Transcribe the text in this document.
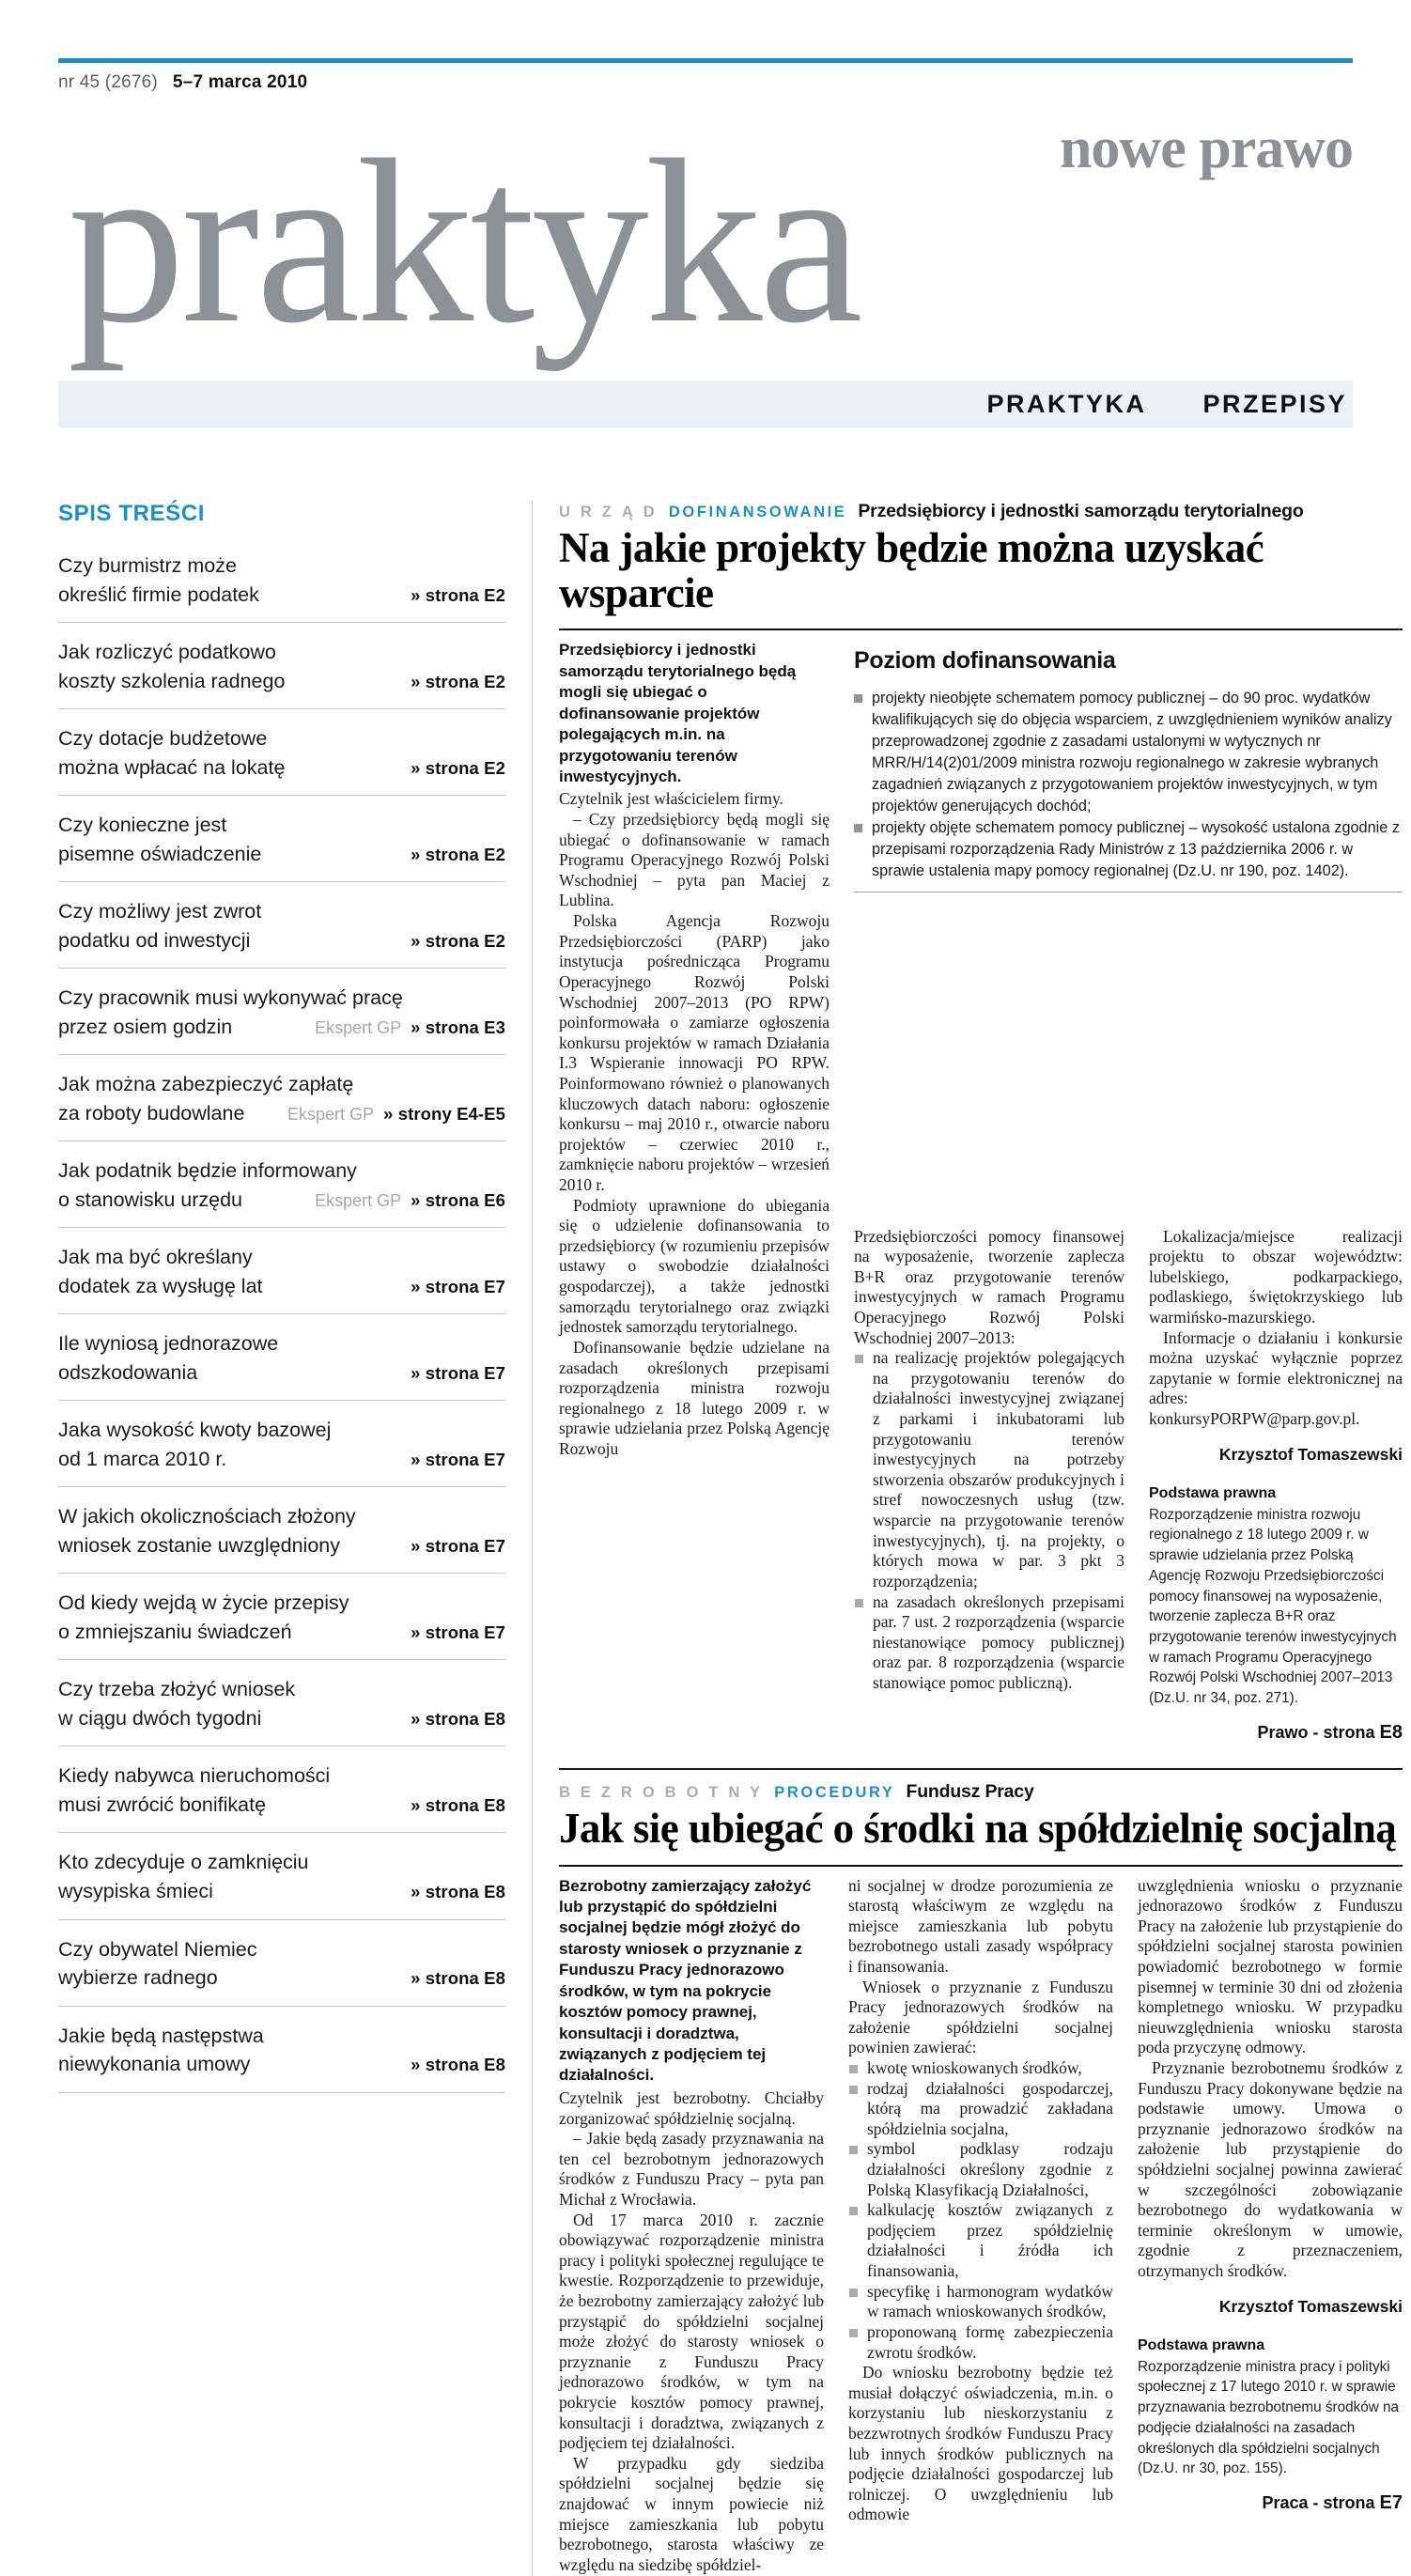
nr 45 (2676) 5–7 marca 2010
nowe prawo
praktyka
PRAKTYKA PRZEPISY
SPIS TREŚCI
Czy burmistrz może
określić firmie podatek	» strona E2
Jak rozliczyć podatkowo
koszty szkolenia radnego	» strona E2
Czy dotacje budżetowe
można wpłacać na lokatę	» strona E2
Czy konieczne jest
pisemne oświadczenie	» strona E2
Czy możliwy jest zwrot
podatku od inwestycji	» strona E2
Czy pracownik musi wykonywać pracę
przez osiem godzin	Ekspert GP » strona E3
Jak można zabezpieczyć zapłatę
za roboty budowlane	Ekspert GP » strony E4-E5
Jak podatnik będzie informowany
o stanowisku urzędu	Ekspert GP » strona E6
Jak ma być określany
dodatek za wysługę lat	» strona E7
Ile wyniosą jednorazowe
odszkodowania	» strona E7
Jaka wysokość kwoty bazowej
od 1 marca 2010 r.	» strona E7
W jakich okolicznościach złożony
wniosek zostanie uwzględniony	» strona E7
Od kiedy wejdą w życie przepisy
o zmniejszaniu świadczeń	» strona E7
Czy trzeba złożyć wniosek
w ciągu dwóch tygodni	» strona E8
Kiedy nabywca nieruchomości
musi zwrócić bonifikatę	» strona E8
Kto zdecyduje o zamknięciu
wysypiska śmieci	» strona E8
Czy obywatel Niemiec
wybierze radnego	» strona E8
Jakie będą następstwa
niewykonania umowy	» strona E8
U R Z Ą D DOFINANSOWANIE Przedsiębiorcy i jednostki samorządu terytorialnego
Na jakie projekty będzie można uzyskać wsparcie

Przedsiębiorcy i jednostki samorządu terytorialnego będą mogli się ubiegać o dofinansowanie projektów polegających m.in. na przygotowaniu terenów inwestycyjnych.

Czytelnik jest właścicielem firmy.

– Czy przedsiębiorcy będą mogli się ubiegać o dofinansowanie w ramach Programu Operacyjnego Rozwój Polski Wschodniej – pyta pan Maciej z Lublina.

Polska Agencja Rozwoju Przedsiębiorczości (PARP) jako instytucja pośrednicząca Programu Operacyjnego Rozwój Polski Wschodniej 2007–2013 (PO RPW) poinformowała o zamiarze ogłoszenia konkursu projektów w ramach Działania I.3 Wspieranie innowacji PO RPW. Poinformowano również o planowanych kluczowych datach naboru: ogłoszenie konkursu – maj 2010 r., otwarcie naboru projektów – czerwiec 2010 r., zamknięcie naboru projektów – wrzesień 2010 r.

Podmioty uprawnione do ubiegania się o udzielenie dofinansowania to przedsiębiorcy (w rozumieniu przepisów ustawy o swobodzie działalności gospodarczej), a także jednostki samorządu terytorialnego oraz związki jednostek samorządu terytorialnego.

Dofinansowanie będzie udzielane na zasadach określonych przepisami rozporządzenia ministra rozwoju regionalnego z 18 lutego 2009 r. w sprawie udzielania przez Polską Agencję Rozwoju

Poziom dofinansowania
projekty nieobjęte schematem pomocy publicznej – do 90 proc. wydatków kwalifikujących się do objęcia wsparciem, z uwzględnieniem wyników analizy przeprowadzonej zgodnie z zasadami ustalonymi w wytycznych nr MRR/H/14(2)01/2009 ministra rozwoju regionalnego w zakresie wybranych zagadnień związanych z przygotowaniem projektów inwestycyjnych, w tym projektów generujących dochód;
projekty objęte schematem pomocy publicznej – wysokość ustalona zgodnie z przepisami rozporządzenia Rady Ministrów z 13 października 2006 r. w sprawie ustalenia mapy pomocy regionalnej (Dz.U. nr 190, poz. 1402).

Przedsiębiorczości pomocy finansowej na wyposażenie, tworzenie zaplecza B+R oraz przygotowanie terenów inwestycyjnych w ramach Programu Operacyjnego Rozwój Polski Wschodniej 2007–2013:

na realizację projektów polegających na przygotowaniu terenów do działalności inwestycyjnej związanej z parkami i inkubatorami lub przygotowaniu terenów inwestycyjnych na potrzeby stworzenia obszarów produkcyjnych i stref nowoczesnych usług (tzw. wsparcie na przygotowanie terenów inwestycyjnych), tj. na projekty, o których mowa w par. 3 pkt 3 rozporządzenia;
na zasadach określonych przepisami par. 7 ust. 2 rozporządzenia (wsparcie niestanowiące pomocy publicznej) oraz par. 8 rozporządzenia (wsparcie stanowiące pomoc publiczną).

Lokalizacja/miejsce realizacji projektu to obszar województw: lubelskiego, podkarpackiego, podlaskiego, świętokrzyskiego lub warmińsko-mazurskiego.

Informacje o działaniu i konkursie można uzyskać wyłącznie poprzez zapytanie w formie elektronicznej na adres: konkursyPORPW@parp.gov.pl.

Krzysztof Tomaszewski
Podstawa prawna
Rozporządzenie ministra rozwoju regionalnego z 18 lutego 2009 r. w sprawie udzielania przez Polską Agencję Rozwoju Przedsiębiorczości pomocy finansowej na wyposażenie, tworzenie zaplecza B+R oraz przygotowanie terenów inwestycyjnych w ramach Programu Operacyjnego Rozwój Polski Wschodniej 2007–2013 (Dz.U. nr 34, poz. 271).
Prawo - strona E8
B E Z R O B O T N Y PROCEDURY Fundusz Pracy
Jak się ubiegać o środki na spółdzielnię socjalną

Bezrobotny zamierzający założyć lub przystąpić do spółdzielni socjalnej będzie mógł złożyć do starosty wniosek o przyznanie z Funduszu Pracy jednorazowo środków, w tym na pokrycie kosztów pomocy prawnej, konsultacji i doradztwa, związanych z podjęciem tej działalności.

Czytelnik jest bezrobotny. Chciałby zorganizować spółdzielnię socjalną.

– Jakie będą zasady przyznawania na ten cel bezrobotnym jednorazowych środków z Funduszu Pracy – pyta pan Michał z Wrocławia.

Od 17 marca 2010 r. zacznie obowiązywać rozporządzenie ministra pracy i polityki społecznej regulujące te kwestie. Rozporządzenie to przewiduje, że bezrobotny zamierzający założyć lub przystąpić do spółdzielni socjalnej może złożyć do starosty wniosek o przyznanie z Funduszu Pracy jednorazowo środków, w tym na pokrycie kosztów pomocy prawnej, konsultacji i doradztwa, związanych z podjęciem tej działalności.

W przypadku gdy siedziba spółdzielni socjalnej będzie się znajdować w innym powiecie niż miejsce zamieszkania lub pobytu bezrobotnego, starosta właściwy ze względu na siedzibę spółdziel-

ni socjalnej w drodze porozumienia ze starostą właściwym ze względu na miejsce zamieszkania lub pobytu bezrobotnego ustali zasady współpracy i finansowania.

Wniosek o przyznanie z Funduszu Pracy jednorazowych środków na założenie spółdzielni socjalnej powinien zawierać:

kwotę wnioskowanych środków,
rodzaj działalności gospodarczej, którą ma prowadzić zakładana spółdzielnia socjalna,
symbol podklasy rodzaju działalności określony zgodnie z Polską Klasyfikacją Działalności,
kalkulację kosztów związanych z podjęciem przez spółdzielnię działalności i źródła ich finansowania,
specyfikę i harmonogram wydatków w ramach wnioskowanych środków,
proponowaną formę zabezpieczenia zwrotu środków.

Do wniosku bezrobotny będzie też musiał dołączyć oświadczenia, m.in. o korzystaniu lub nieskorzystaniu z bezzwrotnych środków Funduszu Pracy lub innych środków publicznych na podjęcie działalności gospodarczej lub rolniczej. O uwzględnieniu lub odmowie

uwzględnienia wniosku o przyznanie jednorazowo środków z Funduszu Pracy na założenie lub przystąpienie do spółdzielni socjalnej starosta powinien powiadomić bezrobotnego w formie pisemnej w terminie 30 dni od złożenia kompletnego wniosku. W przypadku nieuwzględnienia wniosku starosta poda przyczynę odmowy.

Przyznanie bezrobotnemu środków z Funduszu Pracy dokonywane będzie na podstawie umowy. Umowa o przyznanie jednorazowo środków na założenie lub przystąpienie do spółdzielni socjalnej powinna zawierać w szczególności zobowiązanie bezrobotnego do wydatkowania w terminie określonym w umowie, zgodnie z przeznaczeniem, otrzymanych środków.

Krzysztof Tomaszewski
Podstawa prawna
Rozporządzenie ministra pracy i polityki społecznej z 17 lutego 2010 r. w sprawie przyznawania bezrobotnemu środków na podjęcie działalności na zasadach określonych dla spółdzielni socjalnych (Dz.U. nr 30, poz. 155).
Praca - strona E7
